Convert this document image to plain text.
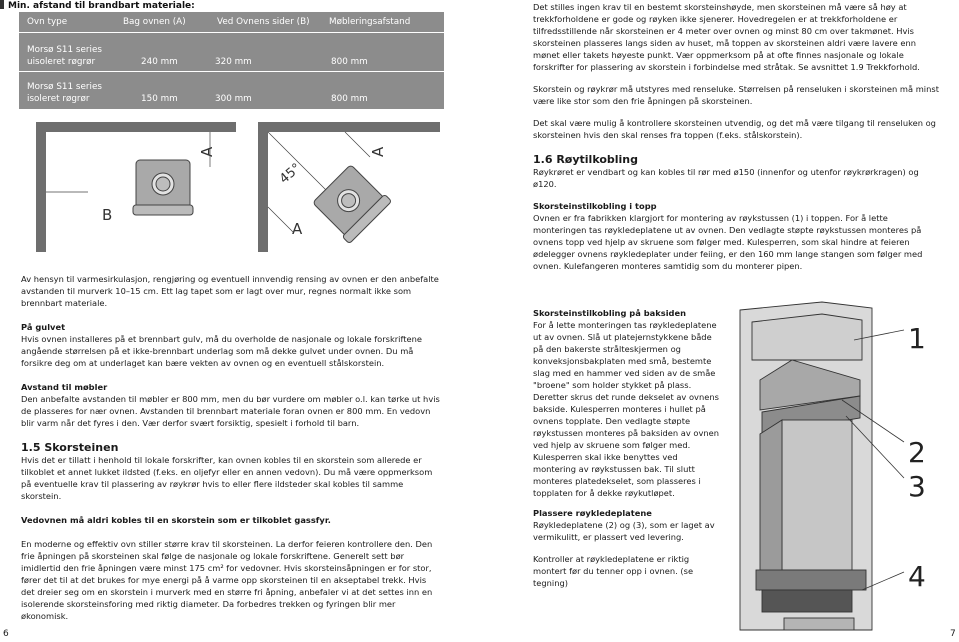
Min. afstand til brandbart materiale:
Ovn type	Bag ovnen (A)	Ved Ovnens sider (B) Møbleringsafstand
Morsø S11 series
uisoleret røgrør	240 mm	320 mm	800 mm
Morsø S11 series
isoleret røgrør	150 mm	300 mm	800 mm
B
A
45°
A
A

Av hensyn til varmesirkulasjon, rengjøring og eventuell innvendig rensing av ovnen er den anbefalte avstanden til murverk 10–15 cm. Ett lag tapet som er lagt over mur, regnes normalt ikke som brennbart materiale.

På gulvet

Hvis ovnen installeres på et brennbart gulv, må du overholde de nasjonale og lokale forskriftene angående størrelsen på et ikke-brennbart underlag som må dekke gulvet under ovnen. Du må forsikre deg om at underlaget kan bære vekten av ovnen og en eventuell stålskorstein.

Avstand til møbler

Den anbefalte avstanden til møbler er 800 mm, men du bør vurdere om møbler o.l. kan tørke ut hvis de plasseres for nær ovnen. Avstanden til brennbart materiale foran ovnen er 800 mm. En vedovn blir varm når det fyres i den. Vær derfor svært forsiktig, spesielt i forhold til barn.

1.5 Skorsteinen

Hvis det er tillatt i henhold til lokale forskrifter, kan ovnen kobles til en skorstein som allerede er tilkoblet et annet lukket ildsted (f.eks. en oljefyr eller en annen vedovn). Du må være oppmerksom på eventuelle krav til plassering av røykrør hvis to eller flere ildsteder skal kobles til samme skorstein.

Vedovnen må aldri kobles til en skorstein som er tilkoblet gassfyr.

En moderne og effektiv ovn stiller større krav til skorsteinen. La derfor feieren kontrollere den. Den frie åpningen på skorsteinen skal følge de nasjonale og lokale forskriftene. Generelt sett bør imidlertid den frie åpningen være minst 175 cm² for vedovner. Hvis skorsteinsåpningen er for stor, fører det til at det brukes for mye energi på å varme opp skorsteinen til en akseptabel trekk. Hvis det dreier seg om en skorstein i murverk med en større fri åpning, anbefaler vi at det settes inn en isolerende skorsteinsforing med riktig diameter. Da forbedres trekken og fyringen blir mer økonomisk.

Det stilles ingen krav til en bestemt skorsteinshøyde, men skorsteinen må være så høy at trekkforholdene er gode og røyken ikke sjenerer. Hovedregelen er at trekkforholdene er tilfredsstillende når skorsteinen er 4 meter over ovnen og minst 80 cm over takmønet. Hvis skorsteinen plasseres langs siden av huset, må toppen av skorsteinen aldri være lavere enn mønet eller takets høyeste punkt. Vær oppmerksom på at ofte finnes nasjonale og lokale forskrifter for plassering av skorstein i forbindelse med stråtak. Se avsnittet 1.9 Trekkforhold.

Skorstein og røykrør må utstyres med renseluke. Størrelsen på renseluken i skorsteinen må minst være like stor som den frie åpningen på skorsteinen.

Det skal være mulig å kontrollere skorsteinen utvendig, og det må være tilgang til renseluken og skorsteinen hvis den skal renses fra toppen (f.eks. stålskorstein).

1.6 Røytilkobling

Røykrøret er vendbart og kan kobles til rør med ø150 (innenfor og utenfor røykrørkragen) og ø120.

Skorsteinstilkobling i topp

Ovnen er fra fabrikken klargjort for montering av røykstussen (1) i toppen. For å lette monteringen tas røykledeplatene ut av ovnen. Den vedlagte støpte røykstussen monteres på ovnens topp ved hjelp av skruene som følger med. Kulesperren, som skal hindre at feieren ødelegger ovnens røykledeplater under feiing, er den 160 mm lange stangen som følger med ovnen. Kulefangeren monteres samtidig som du monterer pipen.

Skorsteinstilkobling på baksiden

For å lette monteringen tas røykledeplatene ut av ovnen. Slå ut platejernstykkene både på den bakerste strålteskjermen og konveksjonsbakplaten med små, bestemte slag med en hammer ved siden av de småe "broene" som holder stykket på plass. Deretter skrus det runde dekselet av ovnens bakside. Kulesperren monteres i hullet på ovnens topplate. Den vedlagte støpte røykstussen monteres på baksiden av ovnen ved hjelp av skruene som følger med. Kulesperren skal ikke benyttes ved montering av røykstussen bak. Til slutt monteres platedekselet, som plasseres i topplaten for å dekke røykutløpet.

Plassere røykledeplatene

Røykledeplatene (2) og (3), som er laget av vermikulitt, er plassert ved levering.

Kontroller at røykledeplatene er riktig montert før du tenner opp i ovnen. (se tegning)

1
2
3
4
6	7
